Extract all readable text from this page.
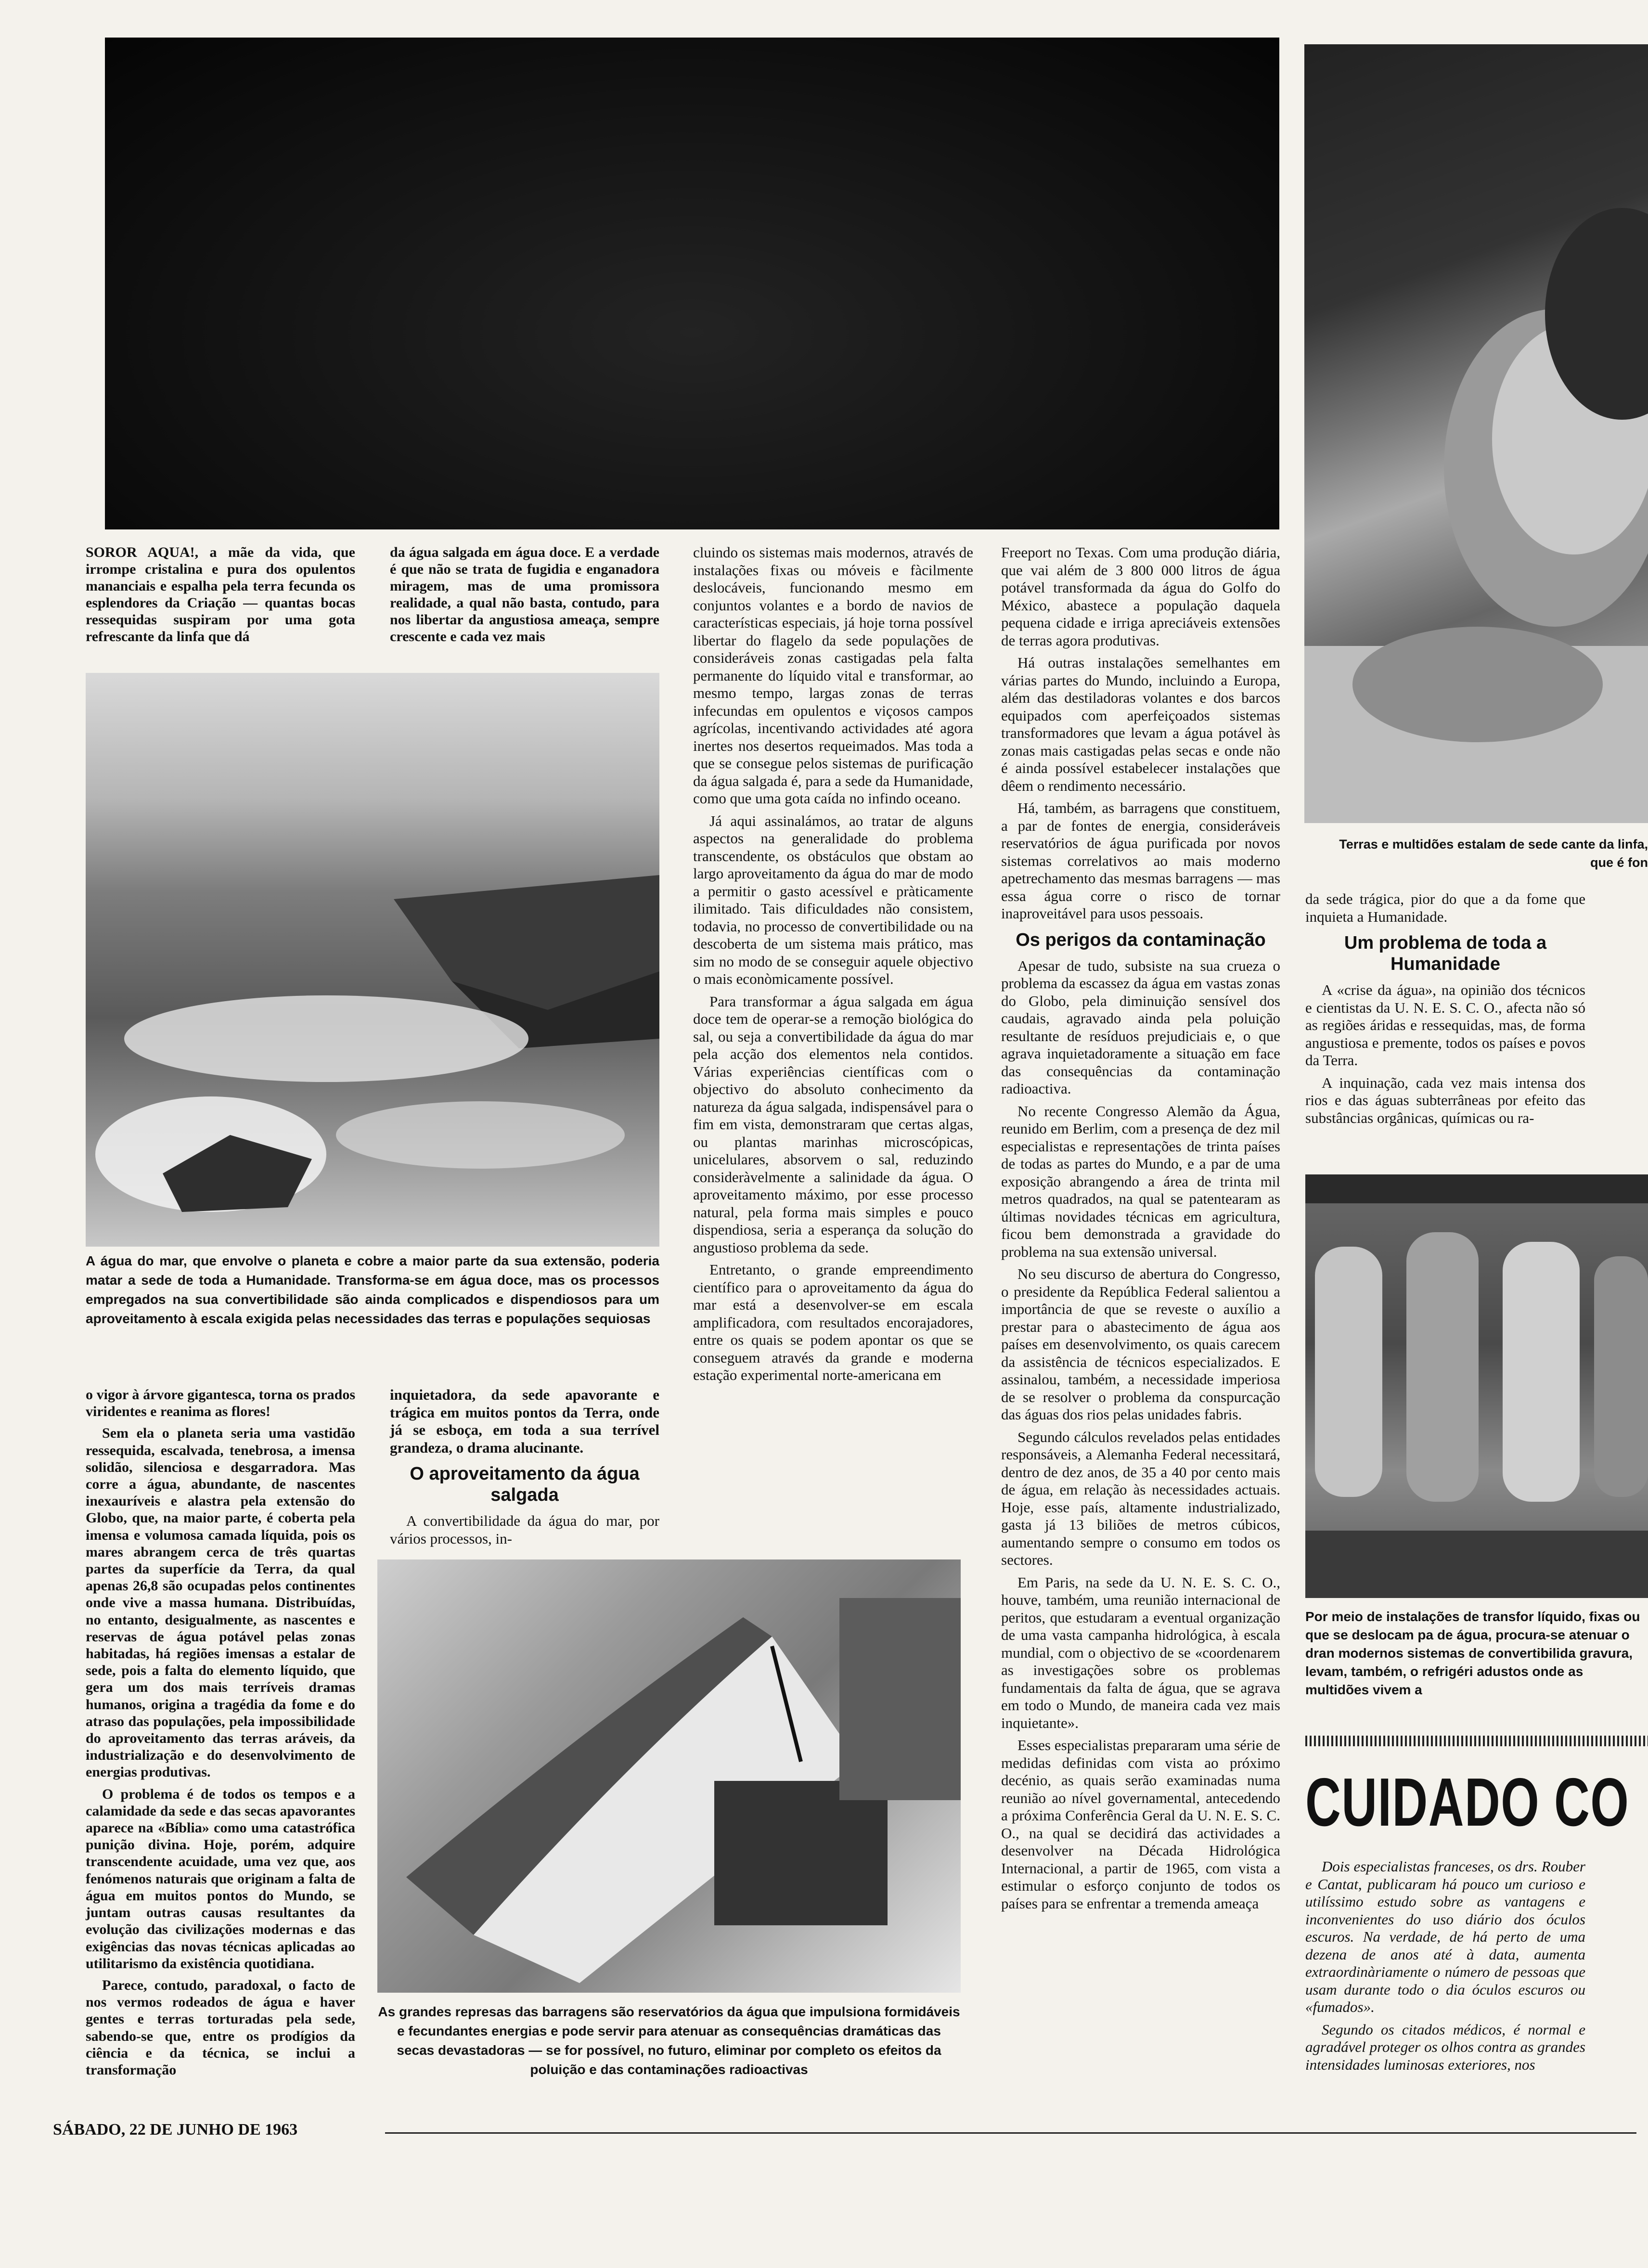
SOROR AQUA!, a mãe da vida, que irrompe cristalina e pura dos opulentos mananciais e espalha pela terra fecunda os esplendores da Criação — quantas bocas ressequidas suspiram por uma gota refrescante da linfa que dá
da água salgada em água doce. E a verdade é que não se trata de fugidia e enganadora miragem, mas de uma promissora realidade, a qual não basta, contudo, para nos libertar da angustiosa ameaça, sempre crescente e cada vez mais
A água do mar, que envolve o planeta e cobre a maior parte da sua extensão, poderia matar a sede de toda a Humanidade. Transforma-se em água doce, mas os processos empregados na sua convertibilidade são ainda complicados e dispendiosos para um aproveitamento à escala exigida pelas necessidades das terras e populações sequiosas

cluindo os sistemas mais modernos, através de instalações fixas ou móveis e fàcilmente deslocáveis, funcionando mesmo em conjuntos volantes e a bordo de navios de características especiais, já hoje torna possível libertar do flagelo da sede populações de consideráveis zonas castigadas pela falta permanente do líquido vital e transformar, ao mesmo tempo, largas zonas de terras infecundas em opulentos e viçosos campos agrícolas, incentivando actividades até agora inertes nos desertos requeimados. Mas toda a que se consegue pelos sistemas de purificação da água salgada é, para a sede da Humanidade, como que uma gota caída no infindo oceano.

Já aqui assinalámos, ao tratar de alguns aspectos na generalidade do problema transcendente, os obstáculos que obstam ao largo aproveitamento da água do mar de modo a permitir o gasto acessível e pràticamente ilimitado. Tais dificuldades não consistem, todavia, no processo de convertibilidade ou na descoberta de um sistema mais prático, mas sim no modo de se conseguir aquele objectivo o mais econòmicamente possível.

Para transformar a água salgada em água doce tem de operar-se a remoção biológica do sal, ou seja a convertibilidade da água do mar pela acção dos elementos nela contidos. Várias experiências científicas com o objectivo do absoluto conhecimento da natureza da água salgada, indispensável para o fim em vista, demonstraram que certas algas, ou plantas marinhas microscópicas, unicelulares, absorvem o sal, reduzindo consideràvelmente a salinidade da água. O aproveitamento máximo, por esse processo natural, pela forma mais simples e pouco dispendiosa, seria a esperança da solução do angustioso problema da sede.

Entretanto, o grande empreendimento científico para o aproveitamento da água do mar está a desenvolver-se em escala amplificadora, com resultados encorajadores, entre os quais se podem apontar os que se conseguem através da grande e moderna estação experimental norte-americana em

Freeport no Texas. Com uma produção diária, que vai além de 3 800 000 litros de água potável transformada da água do Golfo do México, abastece a população daquela pequena cidade e irriga apreciáveis extensões de terras agora produtivas.

Há outras instalações semelhantes em várias partes do Mundo, incluindo a Europa, além das destiladoras volantes e dos barcos equipados com aperfeiçoados sistemas transformadores que levam a água potável às zonas mais castigadas pelas secas e onde não é ainda possível estabelecer instalações que dêem o rendimento necessário.

Há, também, as barragens que constituem, a par de fontes de energia, consideráveis reservatórios de água purificada por novos sistemas correlativos ao mais moderno apetrechamento das mesmas barragens — mas essa água corre o risco de tornar inaproveitável para usos pessoais.

Os perigos da contaminação

Apesar de tudo, subsiste na sua crueza o problema da escassez da água em vastas zonas do Globo, pela diminuição sensível dos caudais, agravado ainda pela poluição resultante de resíduos prejudiciais e, o que agrava inquietadoramente a situação em face das consequências da contaminação radioactiva.

No recente Congresso Alemão da Água, reunido em Berlim, com a presença de dez mil especialistas e representações de trinta países de todas as partes do Mundo, e a par de uma exposição abrangendo a área de trinta mil metros quadrados, na qual se patentearam as últimas novidades técnicas em agricultura, ficou bem demonstrada a gravidade do problema na sua extensão universal.

No seu discurso de abertura do Congresso, o presidente da República Federal salientou a importância de que se reveste o auxílio a prestar para o abastecimento de água aos países em desenvolvimento, os quais carecem da assistência de técnicos especializados. E assinalou, também, a necessidade imperiosa de se resolver o problema da conspurcação das águas dos rios pelas unidades fabris.

Segundo cálculos revelados pelas entidades responsáveis, a Alemanha Federal necessitará, dentro de dez anos, de 35 a 40 por cento mais de água, em relação às necessidades actuais. Hoje, esse país, altamente industrializado, gasta já 13 biliões de metros cúbicos, aumentando sempre o consumo em todos os sectores.

Em Paris, na sede da U. N. E. S. C. O., houve, também, uma reunião internacional de peritos, que estudaram a eventual organização de uma vasta campanha hidrológica, à escala mundial, com o objectivo de se «coordenarem as investigações sobre os problemas fundamentais da falta de água, que se agrava em todo o Mundo, de maneira cada vez mais inquietante».

Esses especialistas prepararam uma série de medidas definidas com vista ao próximo decénio, as quais serão examinadas numa reunião ao nível governamental, antecedendo a próxima Conferência Geral da U. N. E. S. C. O., na qual se decidirá das actividades a desenvolver na Década Hidrológica Internacional, a partir de 1965, com vista a estimular o esforço conjunto de todos os países para se enfrentar a tremenda ameaça

o vigor à árvore gigantesca, torna os prados viridentes e reanima as flores!

Sem ela o planeta seria uma vastidão ressequida, escalvada, tenebrosa, a imensa solidão, silenciosa e desgarradora. Mas corre a água, abundante, de nascentes inexauríveis e alastra pela extensão do Globo, que, na maior parte, é coberta pela imensa e volumosa camada líquida, pois os mares abrangem cerca de três quartas partes da superfície da Terra, da qual apenas 26,8 são ocupadas pelos continentes onde vive a massa humana. Distribuídas, no entanto, desigualmente, as nascentes e reservas de água potável pelas zonas habitadas, há regiões imensas a estalar de sede, pois a falta do elemento líquido, que gera um dos mais terríveis dramas humanos, origina a tragédia da fome e do atraso das populações, pela impossibilidade do aproveitamento das terras aráveis, da industrialização e do desenvolvimento de energias produtivas.

O problema é de todos os tempos e a calamidade da sede e das secas apavorantes aparece na «Bíblia» como uma catastrófica punição divina. Hoje, porém, adquire transcendente acuidade, uma vez que, aos fenómenos naturais que originam a falta de água em muitos pontos do Mundo, se juntam outras causas resultantes da evolução das civilizações modernas e das exigências das novas técnicas aplicadas ao utilitarismo da existência quotidiana.

Parece, contudo, paradoxal, o facto de nos vermos rodeados de água e haver gentes e terras torturadas pela sede, sabendo-se que, entre os prodígios da ciência e da técnica, se inclui a transformação

inquietadora, da sede apavorante e trágica em muitos pontos da Terra, onde já se esboça, em toda a sua terrível grandeza, o drama alucinante.

O aproveitamento da água salgada

A convertibilidade da água do mar, por vários processos, in-

As grandes represas das barragens são reservatórios da água que impulsiona formidáveis e fecundantes energias e pode servir para atenuar as consequências dramáticas das secas devastadoras — se for possível, no futuro, eliminar por completo os efeitos da poluição e das contaminações radioactivas
SÁBADO, 22 DE JUNHO DE 1963
Terras e multidões estalam de sede cante da linfa, que é fon

da sede trágica, pior do que a da fome que inquieta a Humanidade.

Um problema de toda a Humanidade

A «crise da água», na opinião dos técnicos e cientistas da U. N. E. S. C. O., afecta não só as regiões áridas e ressequidas, mas, de forma angustiosa e premente, todos os países e povos da Terra.

A inquinação, cada vez mais intensa dos rios e das águas subterrâneas por efeito das substâncias orgânicas, químicas ou ra-

Por meio de instalações de transfor líquido, fixas ou que se deslocam pa de água, procura-se atenuar o dran modernos sistemas de convertibilida gravura, levam, também, o refrigéri adustos onde as multidões vivem a
CUIDADO CO

Dois especialistas franceses, os drs. Rouber e Cantat, publicaram há pouco um curioso e utilíssimo estudo sobre as vantagens e inconvenientes do uso diário dos óculos escuros. Na verdade, de há perto de uma dezena de anos até à data, aumenta extraordinàriamente o número de pessoas que usam durante todo o dia óculos escuros ou «fumados».

Segundo os citados médicos, é normal e agradável proteger os olhos contra as grandes intensidades luminosas exteriores, nos
